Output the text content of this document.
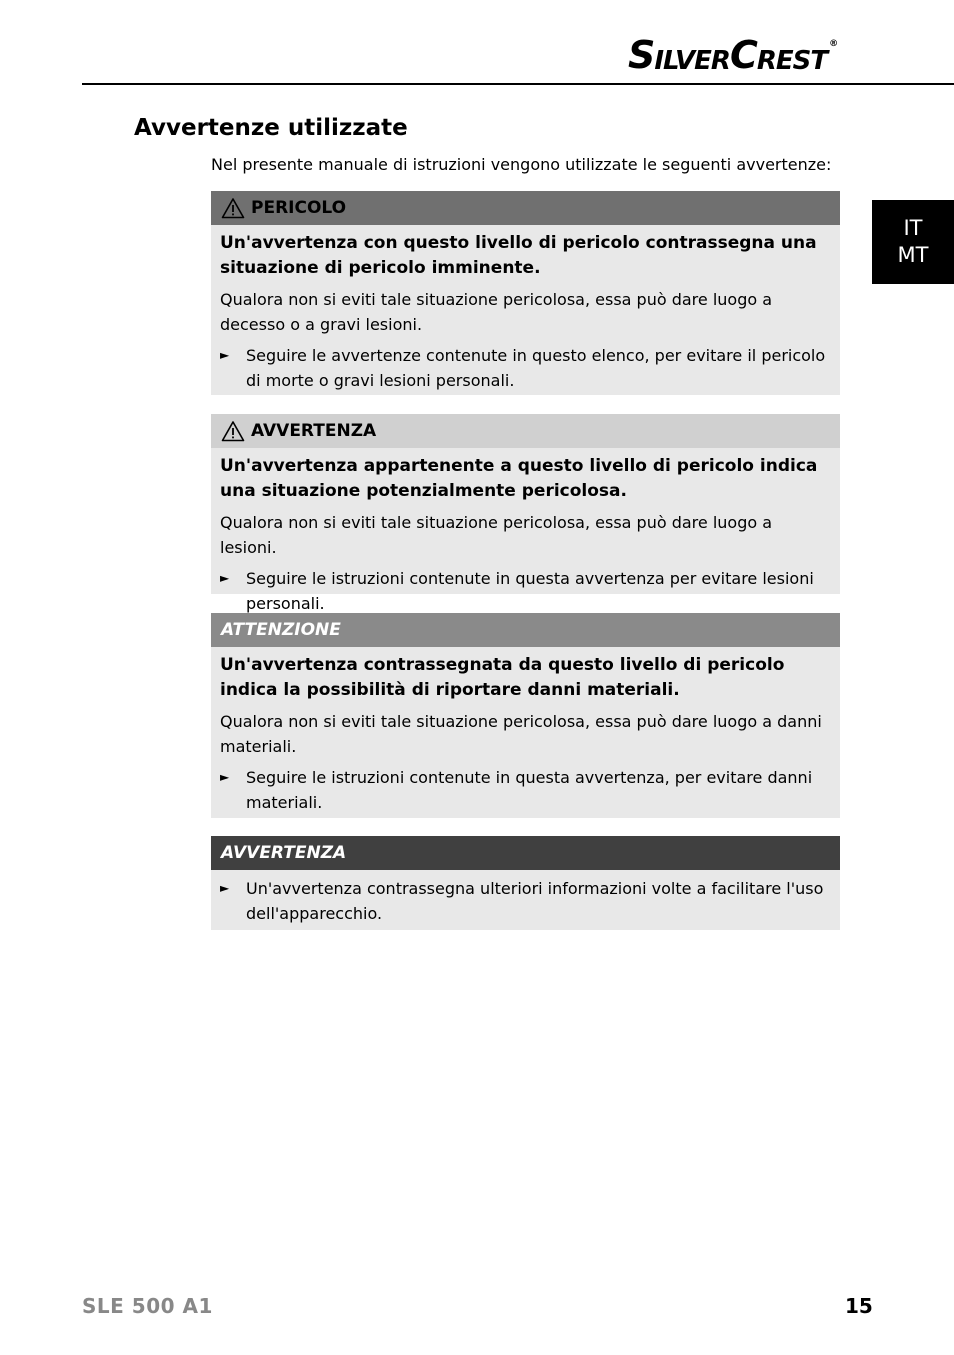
S ILVER C REST
®
IT
MT
Avvertenze utilizzate

Nel presente manuale di istruzioni vengono utilizzate le seguenti avvertenze:

PERICOLO

Un'avvertenza con questo livello di pericolo contrassegna una situazione di pericolo imminente.

Qualora non si eviti tale situazione pericolosa, essa può dare luogo a decesso o a gravi lesioni.

►	Seguire le avvertenze contenute in questo elenco, per evitare il pericolo di morte o gravi lesioni personali.
AVVERTENZA

Un'avvertenza appartenente a questo livello di pericolo indica una situazione potenzialmente pericolosa.

Qualora non si eviti tale situazione pericolosa, essa può dare luogo a lesioni.

►	Seguire le istruzioni contenute in questa avvertenza per evitare lesioni personali.
ATTENZIONE

Un'avvertenza contrassegnata da questo livello di pericolo indica la possibilità di riportare danni materiali.

Qualora non si eviti tale situazione pericolosa, essa può dare luogo a danni materiali.

►	Seguire le istruzioni contenute in questa avvertenza, per evitare danni materiali.
AVVERTENZA
►	Un'avvertenza contrassegna ulteriori informazioni volte a facilitare l'uso dell'apparecchio.
SLE 500 A1	15
